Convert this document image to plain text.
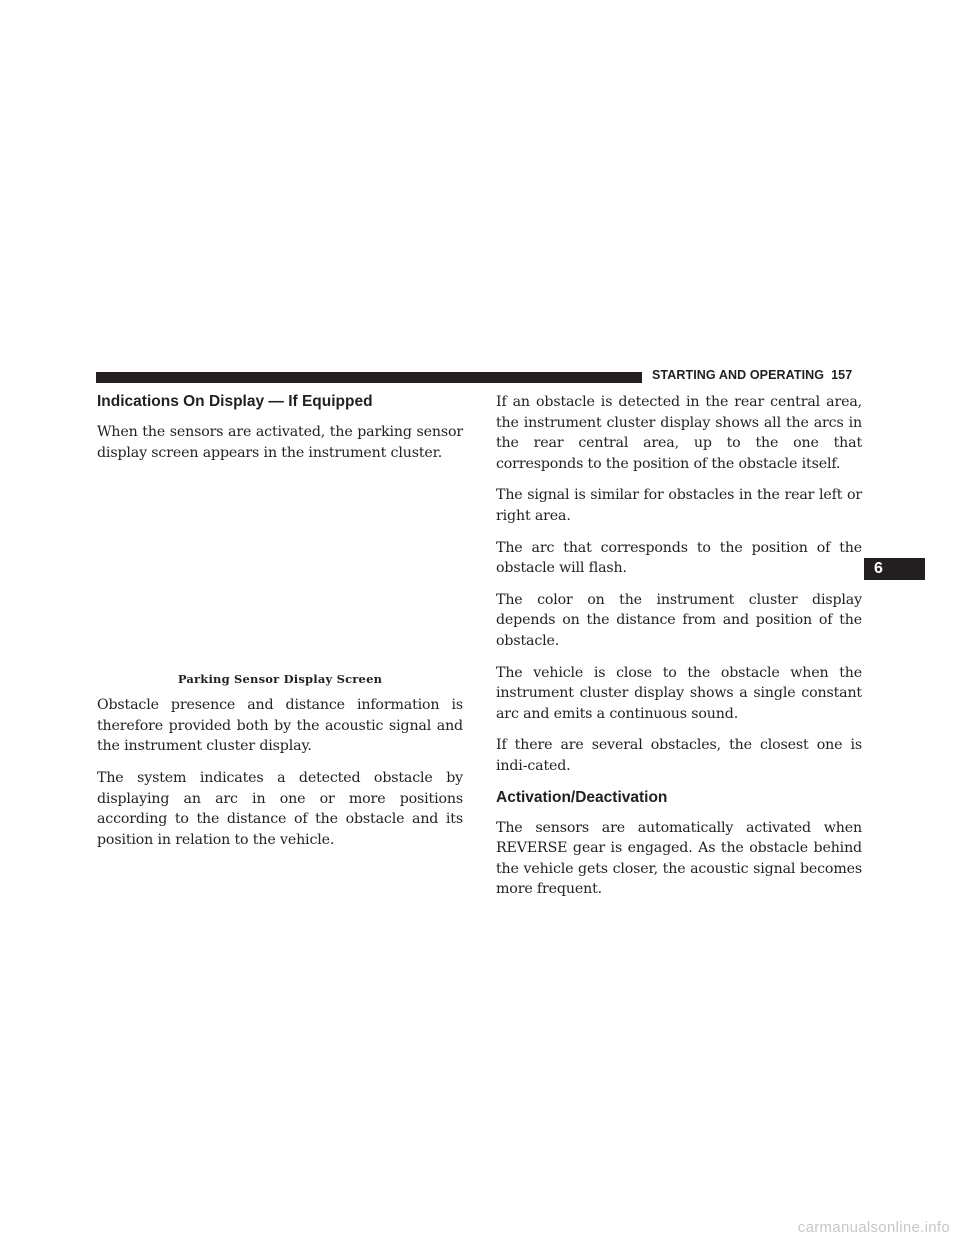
STARTING AND OPERATING 157
Indications On Display — If Equipped

When the sensors are activated, the parking sensor display screen appears in the instrument cluster.

Parking Sensor Display Screen

Obstacle presence and distance information is therefore provided both by the acoustic signal and the instrument cluster display.

The system indicates a detected obstacle by displaying an arc in one or more positions according to the distance of the obstacle and its position in relation to the vehicle.

If an obstacle is detected in the rear central area, the instrument cluster display shows all the arcs in the rear central area, up to the one that corresponds to the position of the obstacle itself.

The signal is similar for obstacles in the rear left or right area.

The arc that corresponds to the position of the obstacle will flash.

The color on the instrument cluster display depends on the distance from and position of the obstacle.

The vehicle is close to the obstacle when the instrument cluster display shows a single constant arc and emits a continuous sound.

If there are several obstacles, the closest one is indi-cated.

Activation/Deactivation

The sensors are automatically activated when REVERSE gear is engaged. As the obstacle behind the vehicle gets closer, the acoustic signal becomes more frequent.

6
carmanualsonline.info
